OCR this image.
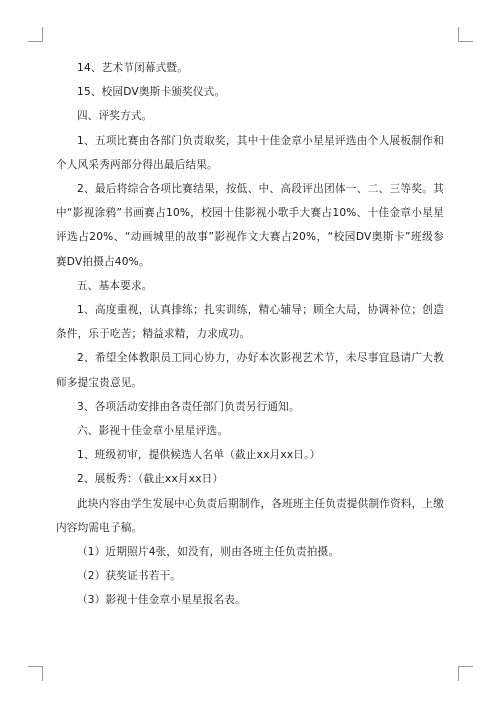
14、艺术节闭幕式暨。

15、校园DV奥斯卡颁奖仪式。

四、评奖方式。

1、五项比赛由各部门负责取奖，其中十佳金章小星星评选由个人展板制作和个人风采秀两部分得出最后结果。

2、最后将综合各项比赛结果，按低、中、高段评出团体一、二、三等奖。其中“影视涂鸦”书画赛占10%，校园十佳影视小歌手大赛占10%、十佳金章小星星评选占20%、“动画城里的故事”影视作文大赛占20%，“校园DV奥斯卡”班级参赛DV拍摄占40%。

五、基本要求。

1、高度重视，认真排练；扎实训练，精心辅导；顾全大局，协调补位；创造条件，乐于吃苦；精益求精，力求成功。

2、希望全体教职员工同心协力，办好本次影视艺术节，未尽事宜恳请广大教师多提宝贵意见。

3、各项活动安排由各责任部门负责另行通知。

六、影视十佳金章小星星评选。

1、班级初审，提供候选人名单（截止xx月xx日。）

2、展板秀：（截止xx月xx日）

此块内容由学生发展中心负责后期制作，各班班主任负责提供制作资料，上缴内容均需电子稿。

（1）近期照片4张，如没有，则由各班主任负责拍摄。

（2）获奖证书若干。

（3）影视十佳金章小星星报名表。
